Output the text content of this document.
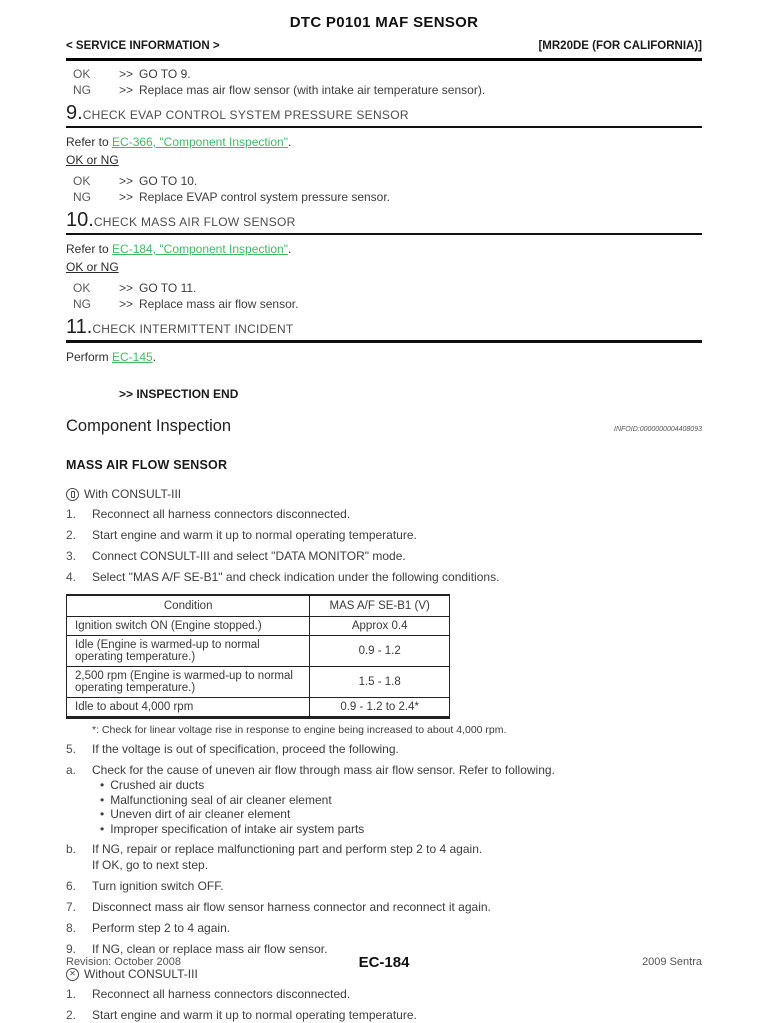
DTC P0101 MAF SENSOR
< SERVICE INFORMATION >	[MR20DE (FOR CALIFORNIA)]
OK	>> GO TO 9.
NG	>> Replace mas air flow sensor (with intake air temperature sensor).
9.CHECK EVAP CONTROL SYSTEM PRESSURE SENSOR
Refer to EC-366, "Component Inspection".
OK or NG
OK	>> GO TO 10.
NG	>> Replace EVAP control system pressure sensor.
10.CHECK MASS AIR FLOW SENSOR
Refer to EC-184, "Component Inspection".
OK or NG
OK	>> GO TO 11.
NG	>> Replace mass air flow sensor.
11.CHECK INTERMITTENT INCIDENT
Perform EC-145.
>> INSPECTION END
Component Inspection	INFOID:0000000004408093
MASS AIR FLOW SENSOR
With CONSULT-III
1.	Reconnect all harness connectors disconnected.
2.	Start engine and warm it up to normal operating temperature.
3.	Connect CONSULT-III and select "DATA MONITOR" mode.
4.	Select "MAS A/F SE-B1" and check indication under the following conditions.
Condition	MAS A/F SE-B1 (V)
Ignition switch ON (Engine stopped.)	Approx 0.4
Idle (Engine is warmed-up to normal operating temperature.)	0.9 - 1.2
2,500 rpm (Engine is warmed-up to normal operating temperature.)	1.5 - 1.8
Idle to about 4,000 rpm	0.9 - 1.2 to 2.4*
*: Check for linear voltage rise in response to engine being increased to about 4,000 rpm.
5.	If the voltage is out of specification, proceed the following.
a.	Check for the cause of uneven air flow through mass air flow sensor. Refer to following.
• Crushed air ducts
• Malfunctioning seal of air cleaner element
• Uneven dirt of air cleaner element
• Improper specification of intake air system parts
b.	If NG, repair or replace malfunctioning part and perform step 2 to 4 again.
If OK, go to next step.
6.	Turn ignition switch OFF.
7.	Disconnect mass air flow sensor harness connector and reconnect it again.
8.	Perform step 2 to 4 again.
9.	If NG, clean or replace mass air flow sensor.
✕ Without CONSULT-III
1.	Reconnect all harness connectors disconnected.
2.	Start engine and warm it up to normal operating temperature.
Revision: October 2008	EC-184	2009 Sentra
